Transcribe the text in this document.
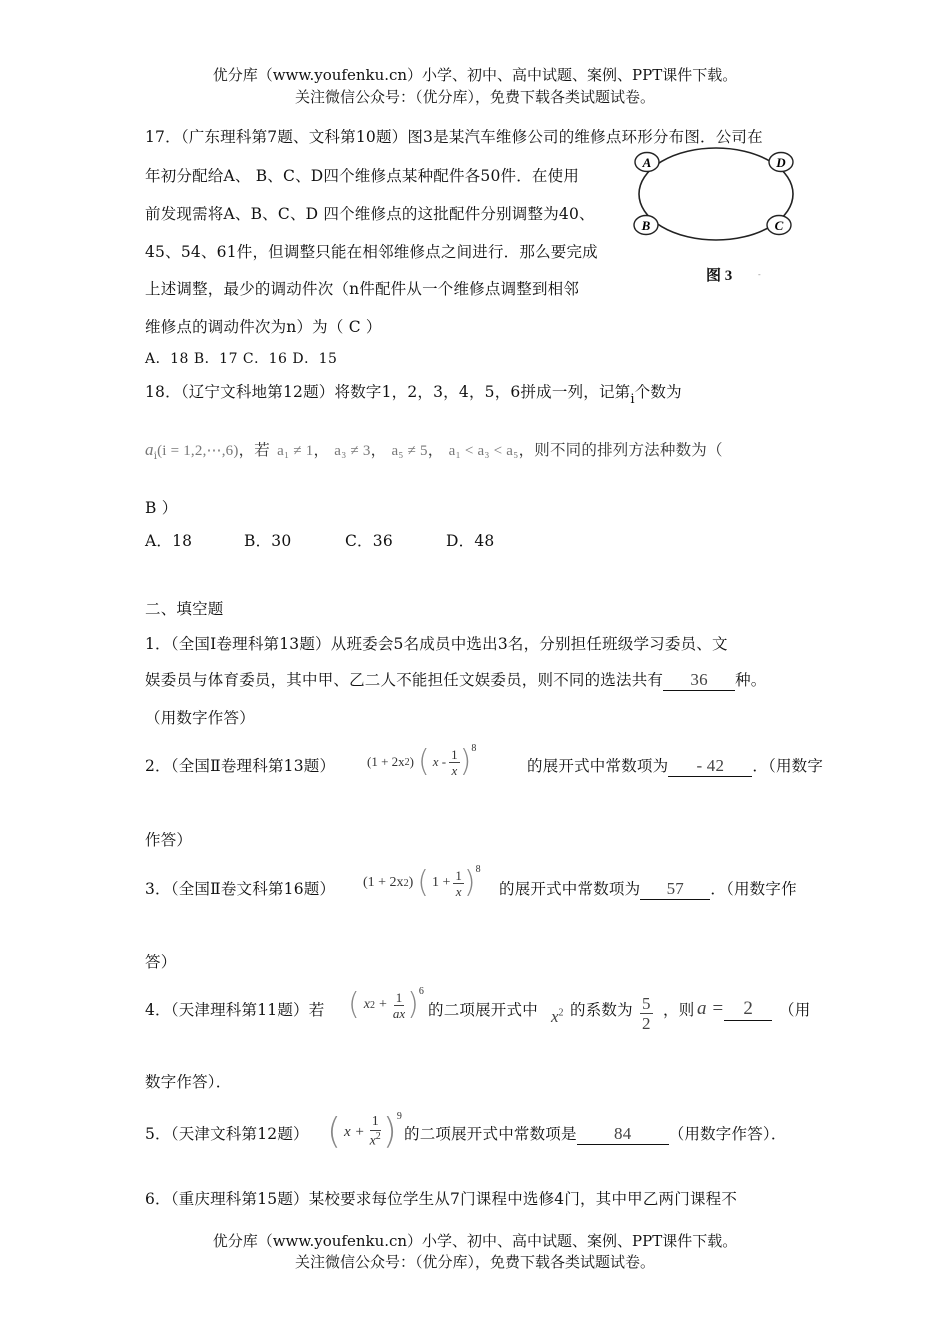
优分库（www.youfenku.cn）小学、初中、高中试题、案例、PPT课件下载。
关注微信公众号：（优分库），免费下载各类试题试卷。
17．（广东理科第7题、文科第10题）图3是某汽车维修公司的维修点环形分布图．公司在
年初分配给A、 B、C、D四个维修点某种配件各50件．在使用
前发现需将A、B、C、D 四个维修点的这批配件分别调整为40、
45、54、61件，但调整只能在相邻维修点之间进行．那么要完成
上述调整，最少的调动件次（n件配件从一个维修点调整到相邻
维修点的调动件次为n）为（ C ）
A．18 B．17 C．16 D．15
A	D
B	C
图 3	-
18．（辽宁文科地第12题）将数字1，2，3，4，5，6拼成一列，记第$_i$个数为
$a_i(i$ = 1,2,⋯,6)，若 a₁ ≠ 1， a₃ ≠ 3， a₅ ≠ 5， a₁ < a₃ < a₅，则不同的排列方法种数为（
B ）
A．18	B．30	C．36	D．48
二、填空题
1．（全国Ⅰ卷理科第13题）从班委会5名成员中选出3名，分别担任班级学习委员、文
娱委员与体育委员，其中甲、乙二人不能担任文娱委员，则不同的选法共有 36 种。
（用数字作答）
2．（全国Ⅱ卷理科第13题） (1 + 2x 2 ) ( x - $\frac{1}{x}$ ) 8
的展开式中常数项为 - 42 ．（用数字
作答）
3．（全国Ⅱ卷文科第16题） (1 + 2x 2 ) ( $1 + \frac{1}{x}$ ) 8
的展开式中常数项为 57 ．（用数字作
答）
4．（天津理科第11题）若 ( x $2 + \frac{1}{ax}$ ) 6
的二项展开式中 $x^2$ 的系数为 $\frac{5}{2}$ ，则 a = 2	（用
数字作答）．
5．（天津文科第12题） ( $x + \frac{1}{x^2}$ ) 9
的二项展开式中常数项是 84 （用数字作答）．
6．（重庆理科第15题）某校要求每位学生从7门课程中选修4门，其中甲乙两门课程不
优分库（www.youfenku.cn）小学、初中、高中试题、案例、PPT课件下载。
关注微信公众号：（优分库），免费下载各类试题试卷。
